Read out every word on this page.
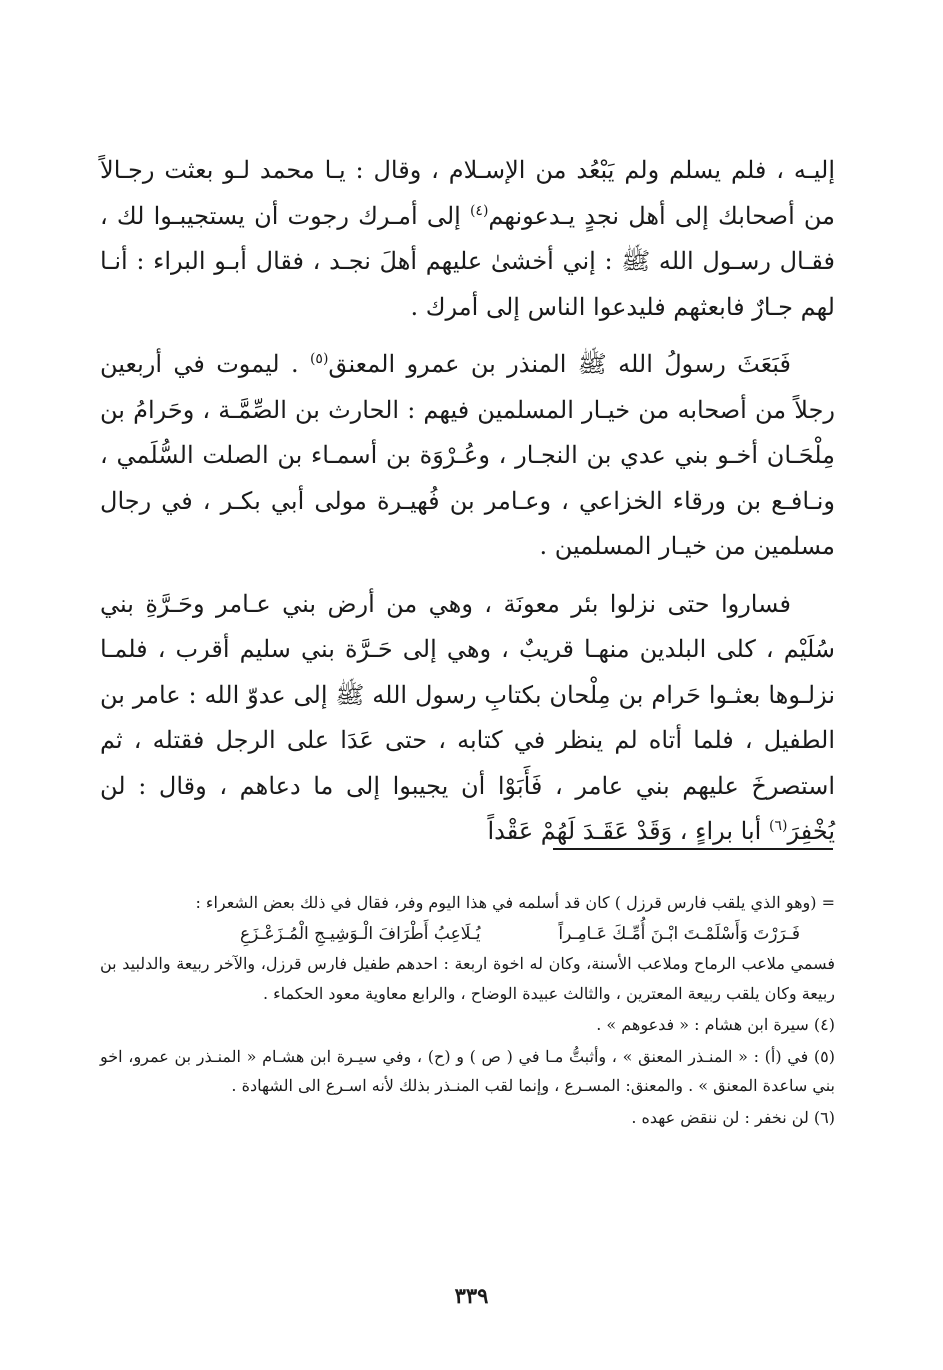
إليـه ، فلم يسلم ولم يَبْعُد من الإسـلام ، وقال : يـا محمد لـو بعثت رجـالاً من أصحابك إلى أهل نجدٍ يـدعونهم$^{(٤)}$ إلى أمـرك رجوت أن يستجيبـوا لك ، فقـال رسـول الله ﷺ : إني أخشىٰ عليهم أهلَ نجـد ، فقال أبـو البراء : أنـا لهم جـارٌ فابعثهم فليدعوا الناس إلى أمرك .

فَبَعَثَ رسولُ الله ﷺ المنذر بن عمرو المعنق$^{(٥)}$ . ليموت في أربعين رجلاً من أصحابه من خيـار المسلمين فيهم : الحارث بن الصِّمَّـة ، وحَرامُ بن مِلْحَـان أخـو بني عدي بن النجـار ، وعُـرْوَة بن أسمـاء بن الصلت السُّلَمي ، ونـافـع بن ورقاء الخزاعي ، وعـامر بن فُهيـرة مولى أبي بكـر ، في رجال مسلمين من خيـار المسلمين .

فساروا حتى نزلوا بئر معونَة ، وهي من أرض بني عـامر وحَـرَّةِ بني سُلَيْم ، كلى البلدين منهـا قريبٌ ، وهي إلى حَـرَّة بني سليم أقرب ، فلمـا نزلـوها بعثـوا حَرام بن مِلْحان بكتابِ رسول الله ﷺ إلى عدوّ الله : عامر بن الطفيل ، فلما أتاه لم ينظر في كتابه ، حتى عَدَا على الرجل فقتله ، ثم استصرخَ عليهم بني عامر ، فَأَبَوْا أن يجيبوا إلى ما دعاهم ، وقال : لن يُخْفِرَ$^{(٦)}$ أبا براءٍ ، وَقَدْ عَقَـدَ لَهُمْ عَقْداً

= (وهو الذي يلقب فارس قرزل ) كان قد أسلمه في هذا اليوم وفر، فقال في ذلك بعض الشعراء :
فَـرَرْتَ وَأَسْلَمْـتَ ابْـنَ أُمِّـكَ عَـامِـراً
يُـلَاعِبُ أَطْرَافَ الْـوَشِيـجِ الْمُـزَعْـزَعِ
فسمي ملاعب الرماح وملاعب الأسنة، وكان له اخوة اربعة : احدهم طفيل فارس قرزل، والآخر ربيعة والدلبيد بن ربيعة وكان يلقب ربيعة المعترين ، والثالث عبيدة الوضاح ، والرابع معاوية معود الحكماء .
(٤) سيرة ابن هشام : « فدعوهم » .
(٥) في (أ) : « المنـذر المعنق » ، وأثبتُّ مـا في ( ص ) و (ح) ، وفي سيـرة ابن هشـام « المنـذر بن عمرو، اخو بني ساعدة المعنق » . والمعنق: المسـرع ، وإنما لقب المنـذر بذلك لأنه اسـرع الى الشهادة .
(٦) لن نخفر : لن ننقض عهده .
٣٣٩
